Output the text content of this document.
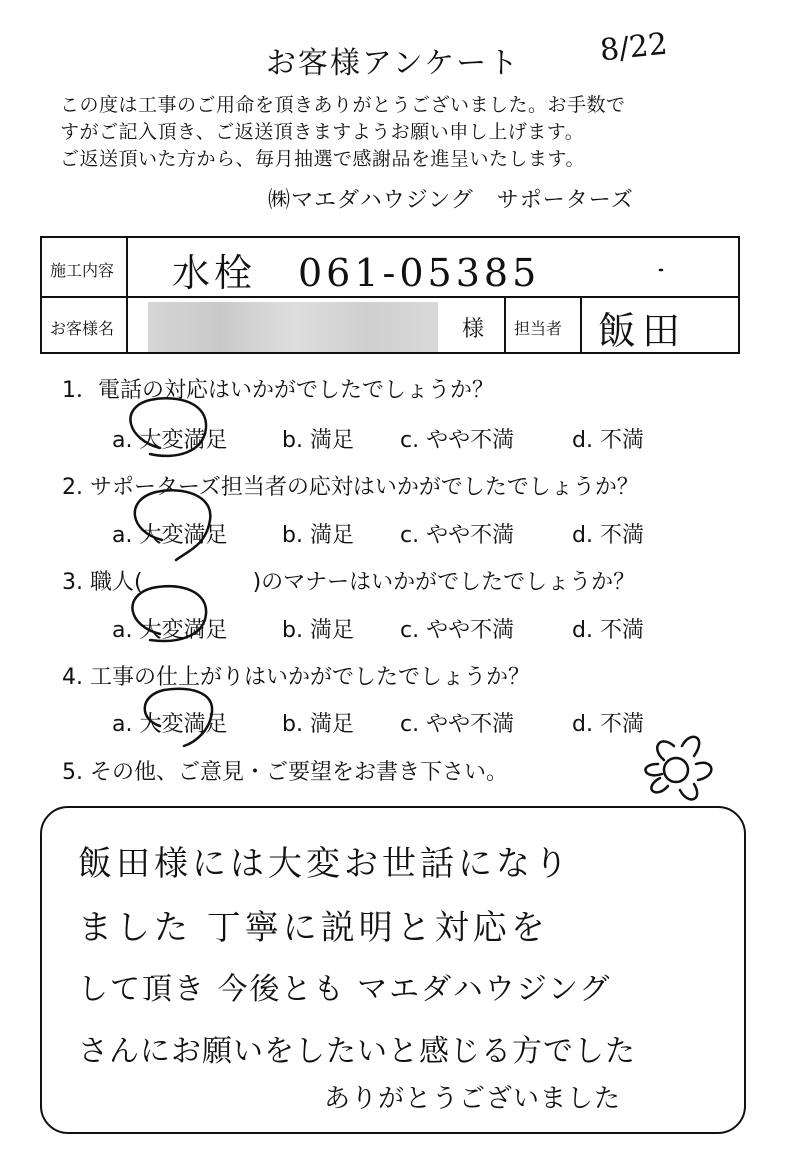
お客様アンケート	8/22
この度は工事のご用命を頂きありがとうございました。お手数で
すがご記入頂き、ご返送頂きますようお願い申し上げます。
ご返送頂いた方から、毎月抽選で感謝品を進呈いたします。
㈱マエダハウジング　サポーターズ
施工内容 水栓　061-05385
お客様名	様 担当者 飯田
1．電話の対応はいかがでしたでしょうか？
a. 大変満足 b. 満足 c. やや不満	d. 不満
2. サポーターズ担当者の応対はいかがでしたでしょうか？
a. 大変満足 b. 満足 c. やや不満	d. 不満
3. 職人(　　　　　)のマナーはいかがでしたでしょうか？
a. 大変満足 b. 満足 c. やや不満	d. 不満
4. 工事の仕上がりはいかがでしたでしょうか？
a. 大変満足 b. 満足 c. やや不満	d. 不満
5. その他、ご意見・ご要望をお書き下さい。
飯田様には大変お世話になり
ました 丁寧に説明と対応を
して頂き 今後とも マエダハウジング
さんにお願いをしたいと感じる方でした
ありがとうございました
